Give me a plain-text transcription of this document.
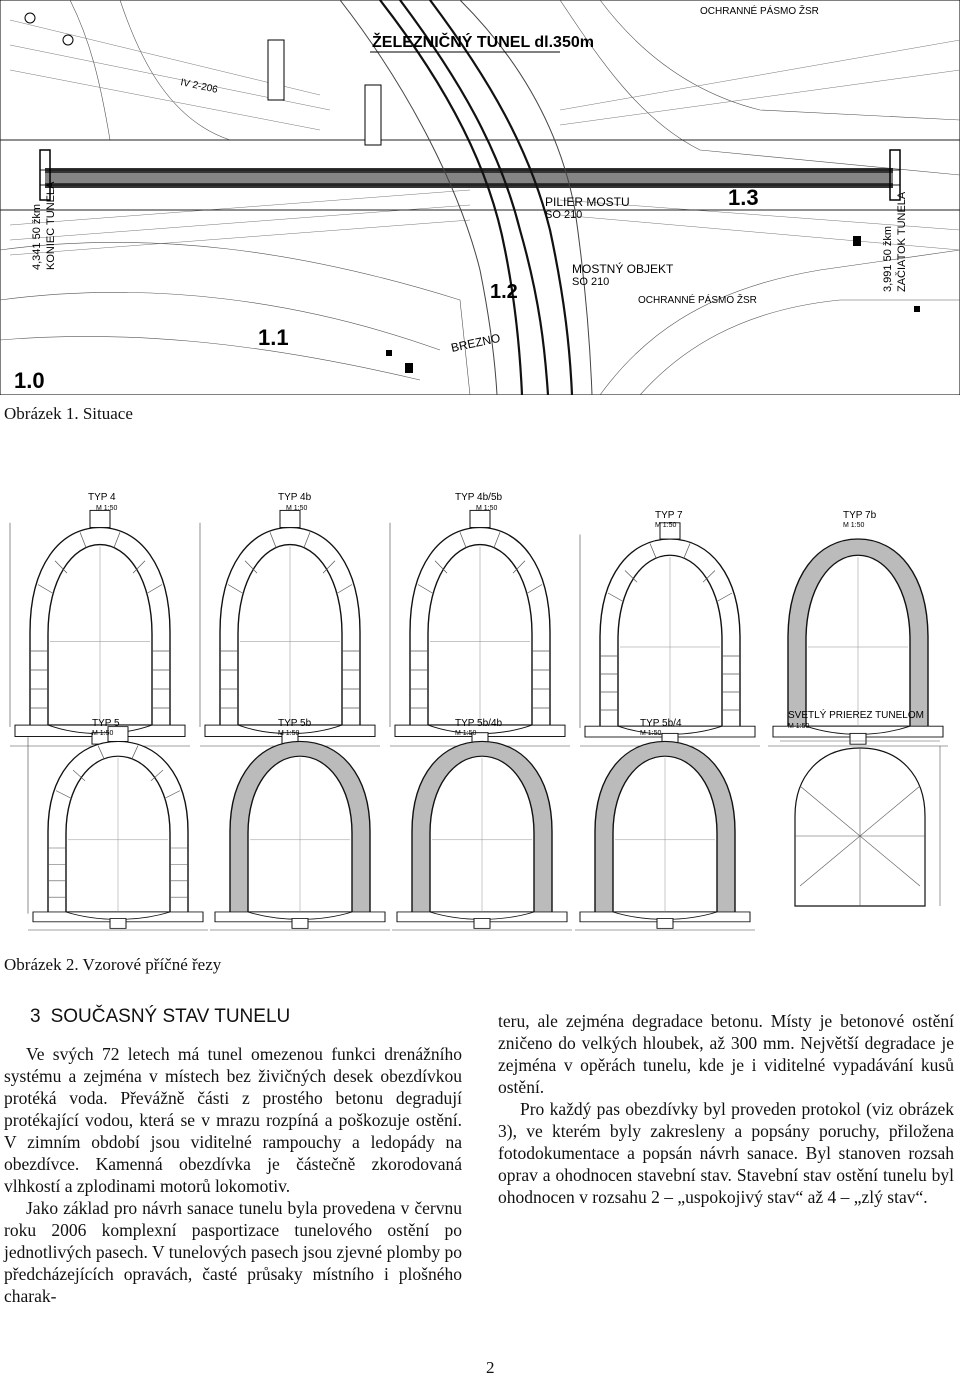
ŽELEZNIČNÝ TUNEL dl.350m
OCHRANNÉ PÁSMO ŽSR
OCHRANNÉ PÁSMO ŽSR
PILIER MOSTU
SO 210
MOSTNÝ OBJEKT
SO 210
BREZNO
1.0
1.1
1.2
1.3
IV 2-206
4,341 50 žkm KONIEC TUNELA	3,991 50 žkm ZAČIATOK TUNELA
Obrázek 1. Situace
TYP 4
M 1:50
TYP 4b
M 1:50
TYP 4b/5b
M 1:50
TYP 7
M 1:50
TYP 7b
M 1:50
TYP 5
M 1:50
TYP 5b
M 1:50
TYP 5b/4b
M 1:50
TYP 5b/4
M 1:50
SVETLÝ PRIEREZ TUNELOM
M 1:50
Obrázek 2. Vzorové příčné řezy
3 SOUČASNÝ STAV TUNELU

Ve svých 72 letech má tunel omezenou funkci drenážního systému a zejména v místech bez živičných desek obezdívkou protéká voda. Převážně části z prostého betonu degradují protékající vodou, která se v mrazu rozpíná a poškozuje ostění. V zimním období jsou viditelné rampouchy a ledopády na obezdívce. Kamenná obezdívka je částečně zkorodovaná vlhkostí a zplodinami motorů lokomotiv.

Jako základ pro návrh sanace tunelu byla provedena v červnu roku 2006 komplexní pasportizace tunelového ostění po jednotlivých pasech. V tunelových pasech jsou zjevné plomby po předcházejících opravách, časté průsaky místního i plošného charak-

teru, ale zejména degradace betonu. Místy je betonové ostění zničeno do velkých hloubek, až 300 mm. Největší degradace je zejména v opěrách tunelu, kde je i viditelné vypadávání kusů ostění.

Pro každý pas obezdívky byl proveden protokol (viz obrázek 3), ve kterém byly zakresleny a popsány poruchy, přiložena fotodokumentace a popsán návrh sanace. Byl stanoven rozsah oprav a ohodnocen stavební stav. Stavební stav ostění tunelu byl ohodnocen v rozsahu 2 – „uspokojivý stav“ až 4 – „zlý stav“.

2
